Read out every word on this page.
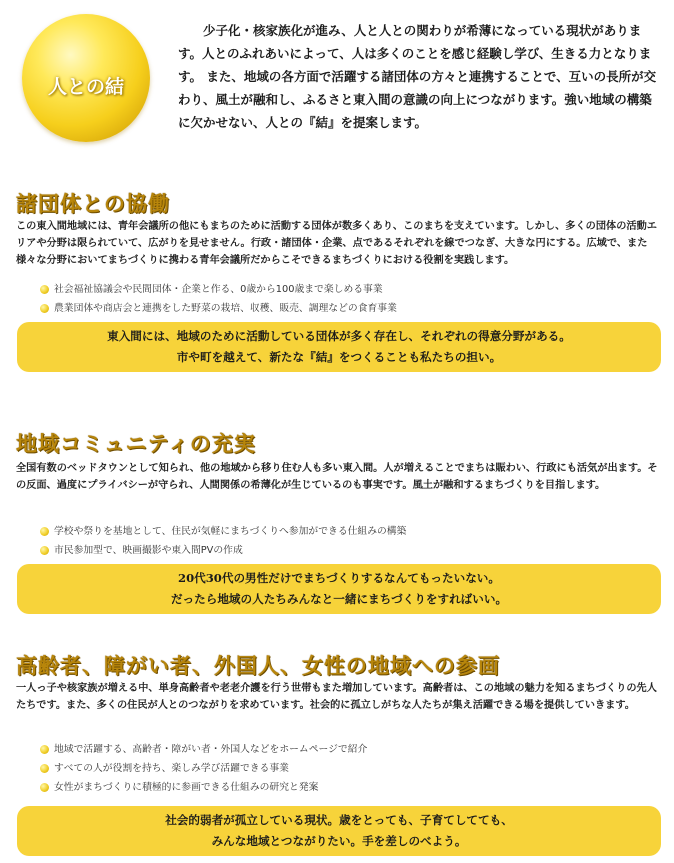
人との結
少子化・核家族化が進み、人と人との関わりが希薄になっている現状があります。人とのふれあいによって、人は多くのことを感じ経験し学び、生きる力となります。 また、地域の各方面で活躍する諸団体の方々と連携することで、互いの長所が交わり、風土が融和し、ふるさと東入間の意識の向上につながります。強い地域の構築に欠かせない、人との『結』を提案します。
諸団体との協働
この東入間地域には、青年会議所の他にもまちのために活動する団体が数多くあり、このまちを支えています。しかし、多くの団体の活動エリアや分野は限られていて、広がりを見せません。行政・諸団体・企業、点であるそれぞれを線でつなぎ、大きな円にする。広域で、また様々な分野においてまちづくりに携わる青年会議所だからこそできるまちづくりにおける役割を実践します。
社会福祉協議会や民間団体・企業と作る、0歳から100歳まで楽しめる事業
農業団体や商店会と連携をした野菜の栽培、収穫、販売、調理などの食育事業
東入間には、地域のために活動している団体が多く存在し、それぞれの得意分野がある。
市や町を越えて、新たな『結』をつくることも私たちの担い。
地域コミュニティの充実
全国有数のベッドタウンとして知られ、他の地域から移り住む人も多い東入間。人が増えることでまちは賑わい、行政にも活気が出ます。その反面、過度にプライバシーが守られ、人間関係の希薄化が生じているのも事実です。風土が融和するまちづくりを目指します。
学校や祭りを基地として、住民が気軽にまちづくりへ参加ができる仕組みの構築
市民参加型で、映画撮影や東入間PVの作成
20代30代の男性だけでまちづくりするなんてもったいない。
だったら地域の人たちみんなと一緒にまちづくりをすればいい。
高齢者、障がい者、外国人、女性の地域への参画
一人っ子や核家族が増える中、単身高齢者や老老介護を行う世帯もまた増加しています。高齢者は、この地域の魅力を知るまちづくりの先人たちです。また、多くの住民が人とのつながりを求めています。社会的に孤立しがちな人たちが集え活躍できる場を提供していきます。
地域で活躍する、高齢者・障がい者・外国人などをホームページで紹介
すべての人が役割を持ち、楽しみ学び活躍できる事業
女性がまちづくりに積極的に参画できる仕組みの研究と発案
社会的弱者が孤立している現状。歳をとっても、子育てしてても、
みんな地域とつながりたい。手を差しのべよう。
